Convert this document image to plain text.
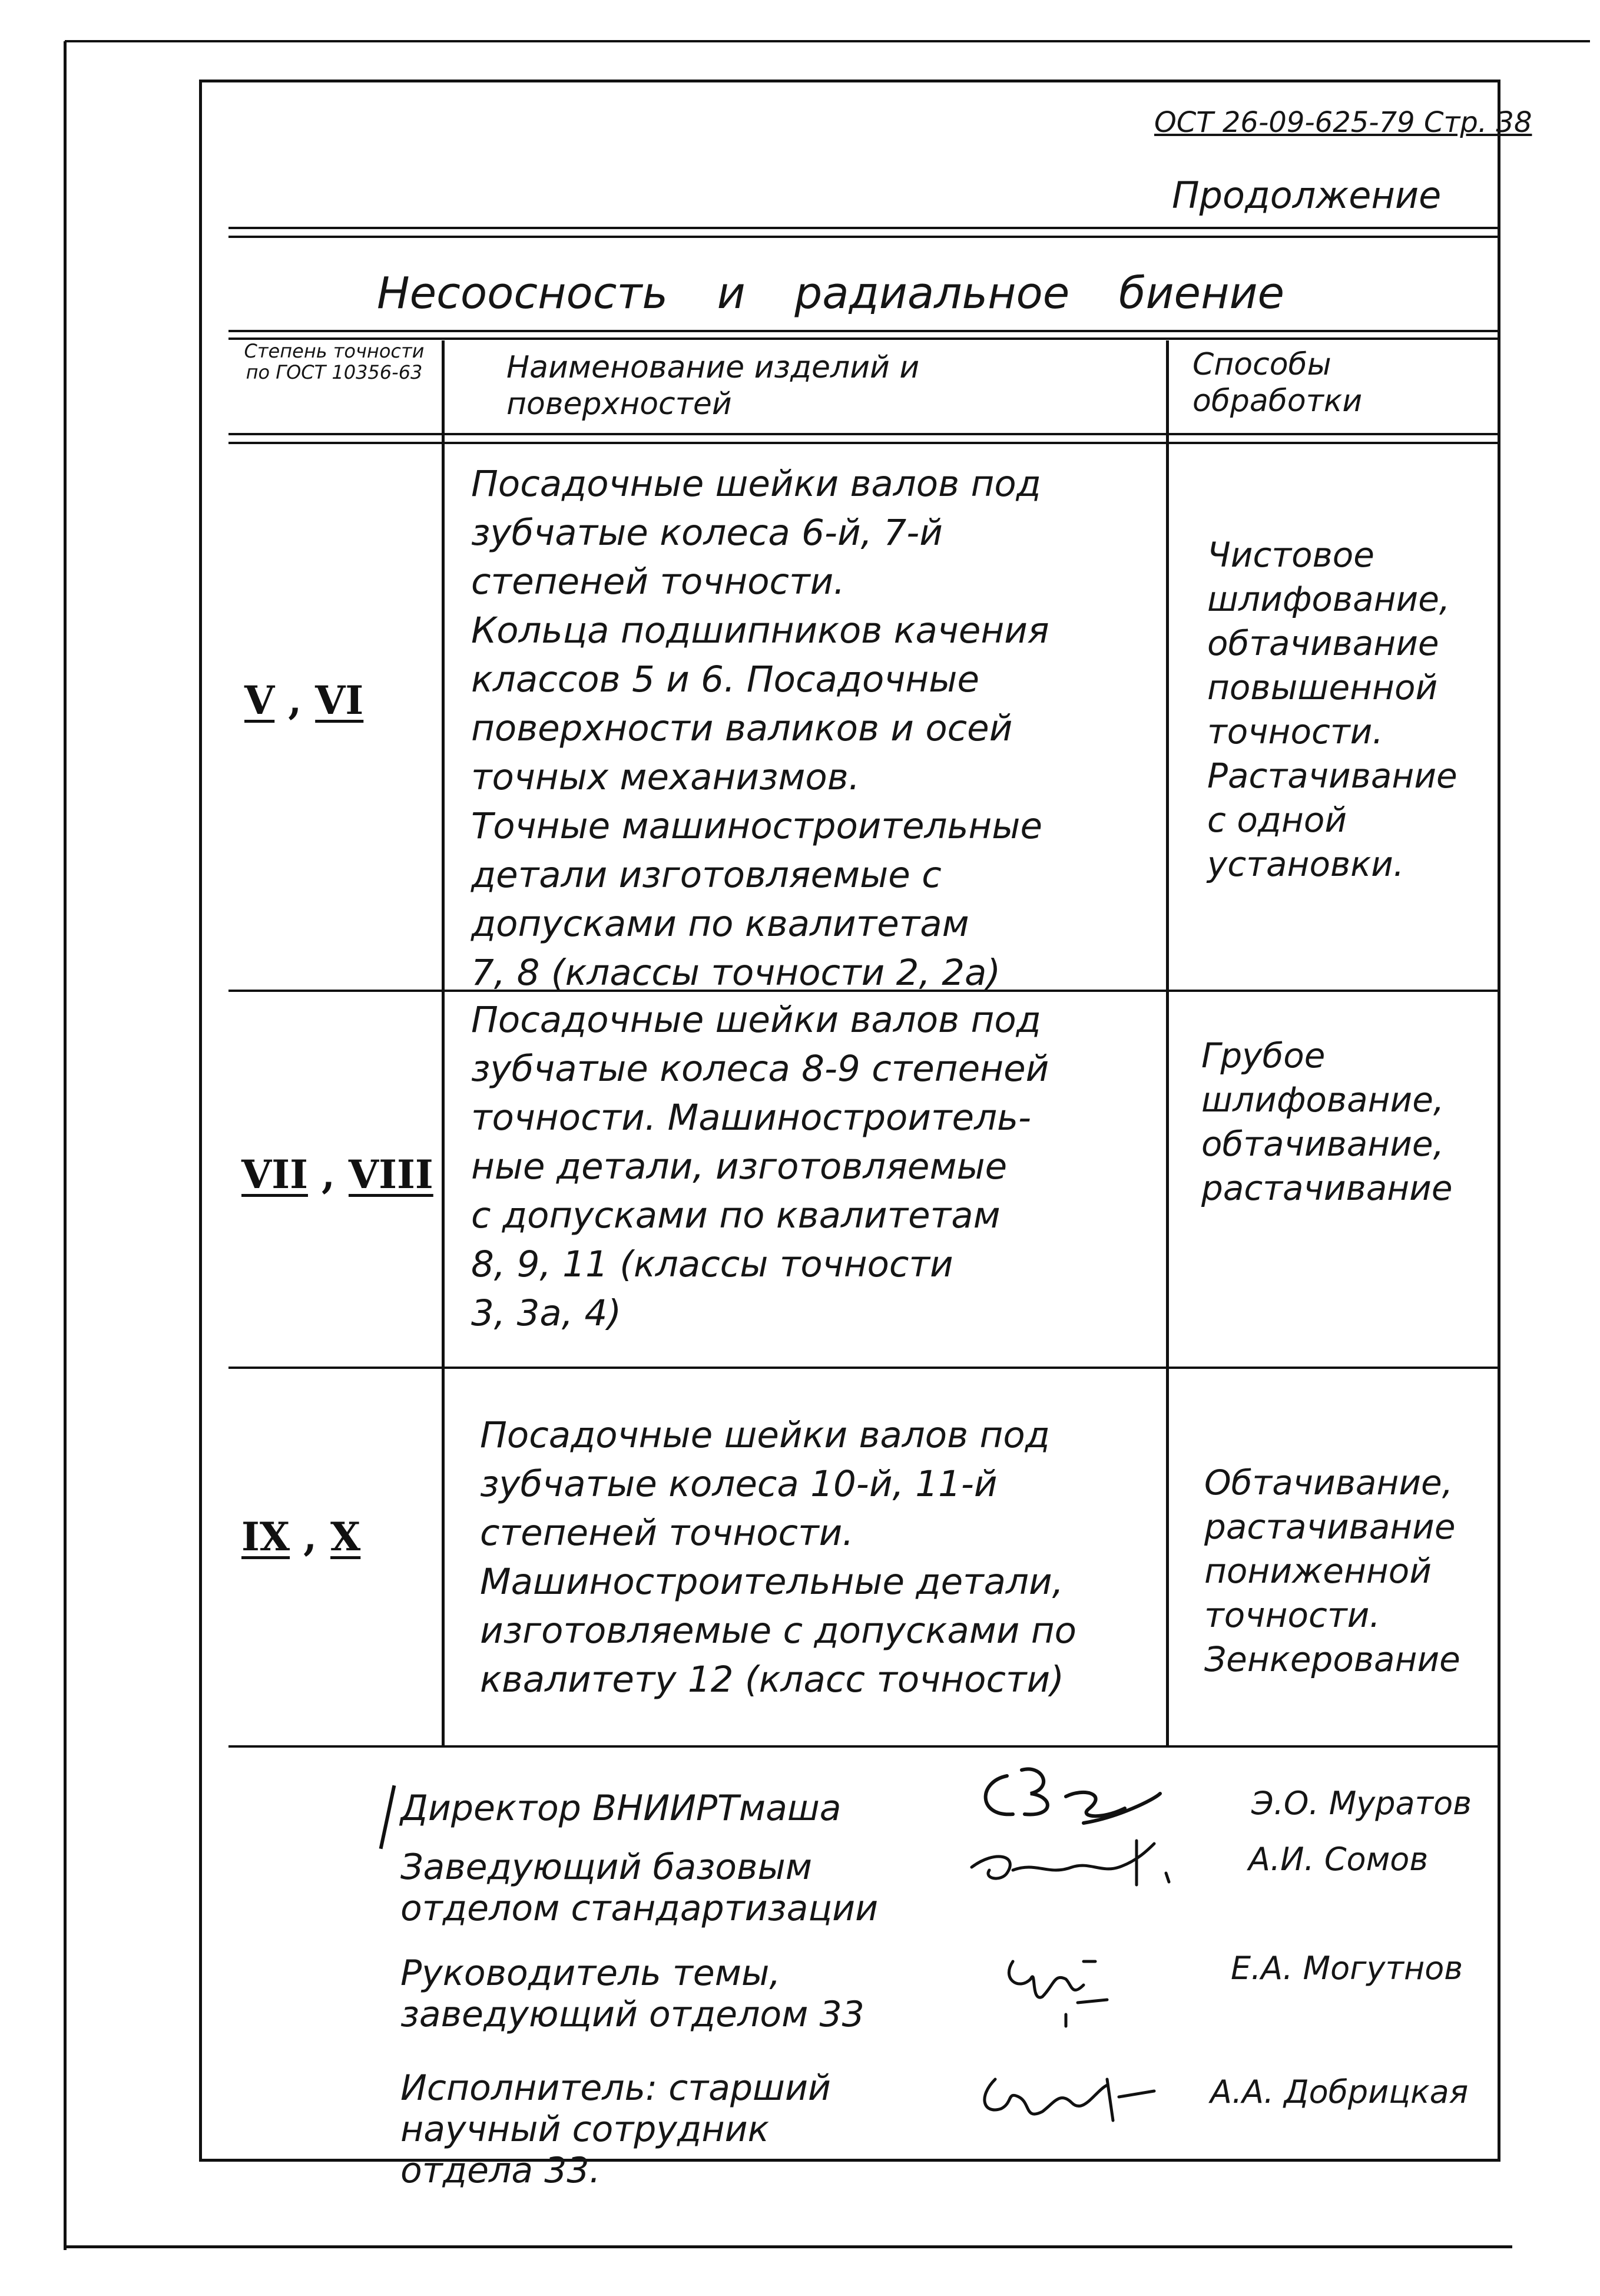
ОСТ 26-09-625-79 Стр. 38
Продолжение
Несоосность и радиальное биение
Степень точности по ГОСТ 10356-63	Наименование изделий и поверхностей
Способы обработки
V , VI
Посадочные шейки валов под
зубчатые колеса 6-й, 7-й
степеней точности.
Кольца подшипников качения
классов 5 и 6. Посадочные
поверхности валиков и осей
точных механизмов.
Точные машиностроительные
детали изготовляемые с
допусками по квалитетам
7, 8 (классы точности 2, 2а)
Чистовое
шлифование,
обтачивание
повышенной
точности.
Растачивание
с одной
установки.
VII , VIII
Посадочные шейки валов под
зубчатые колеса 8-9 степеней
точности. Машиностроитель-
ные детали, изготовляемые
с допусками по квалитетам
8, 9, 11 (классы точности
3, 3а, 4)
Грубое
шлифование,
обтачивание,
растачивание
IX , X
Посадочные шейки валов под
зубчатые колеса 10-й, 11-й
степеней точности.
Машиностроительные детали,
изготовляемые с допусками по
квалитету 12 (класс точности)
Обтачивание,
растачивание
пониженной
точности.
Зенкерование
Директор ВНИИРТмаша	Э.О. Муратов
Заведующий базовым
отделом стандартизации
А.И. Сомов
Руководитель темы,
заведующий отделом 33
Е.А. Могутнов
Исполнитель: старший
научный сотрудник
отдела 33.
А.А. Добрицкая
